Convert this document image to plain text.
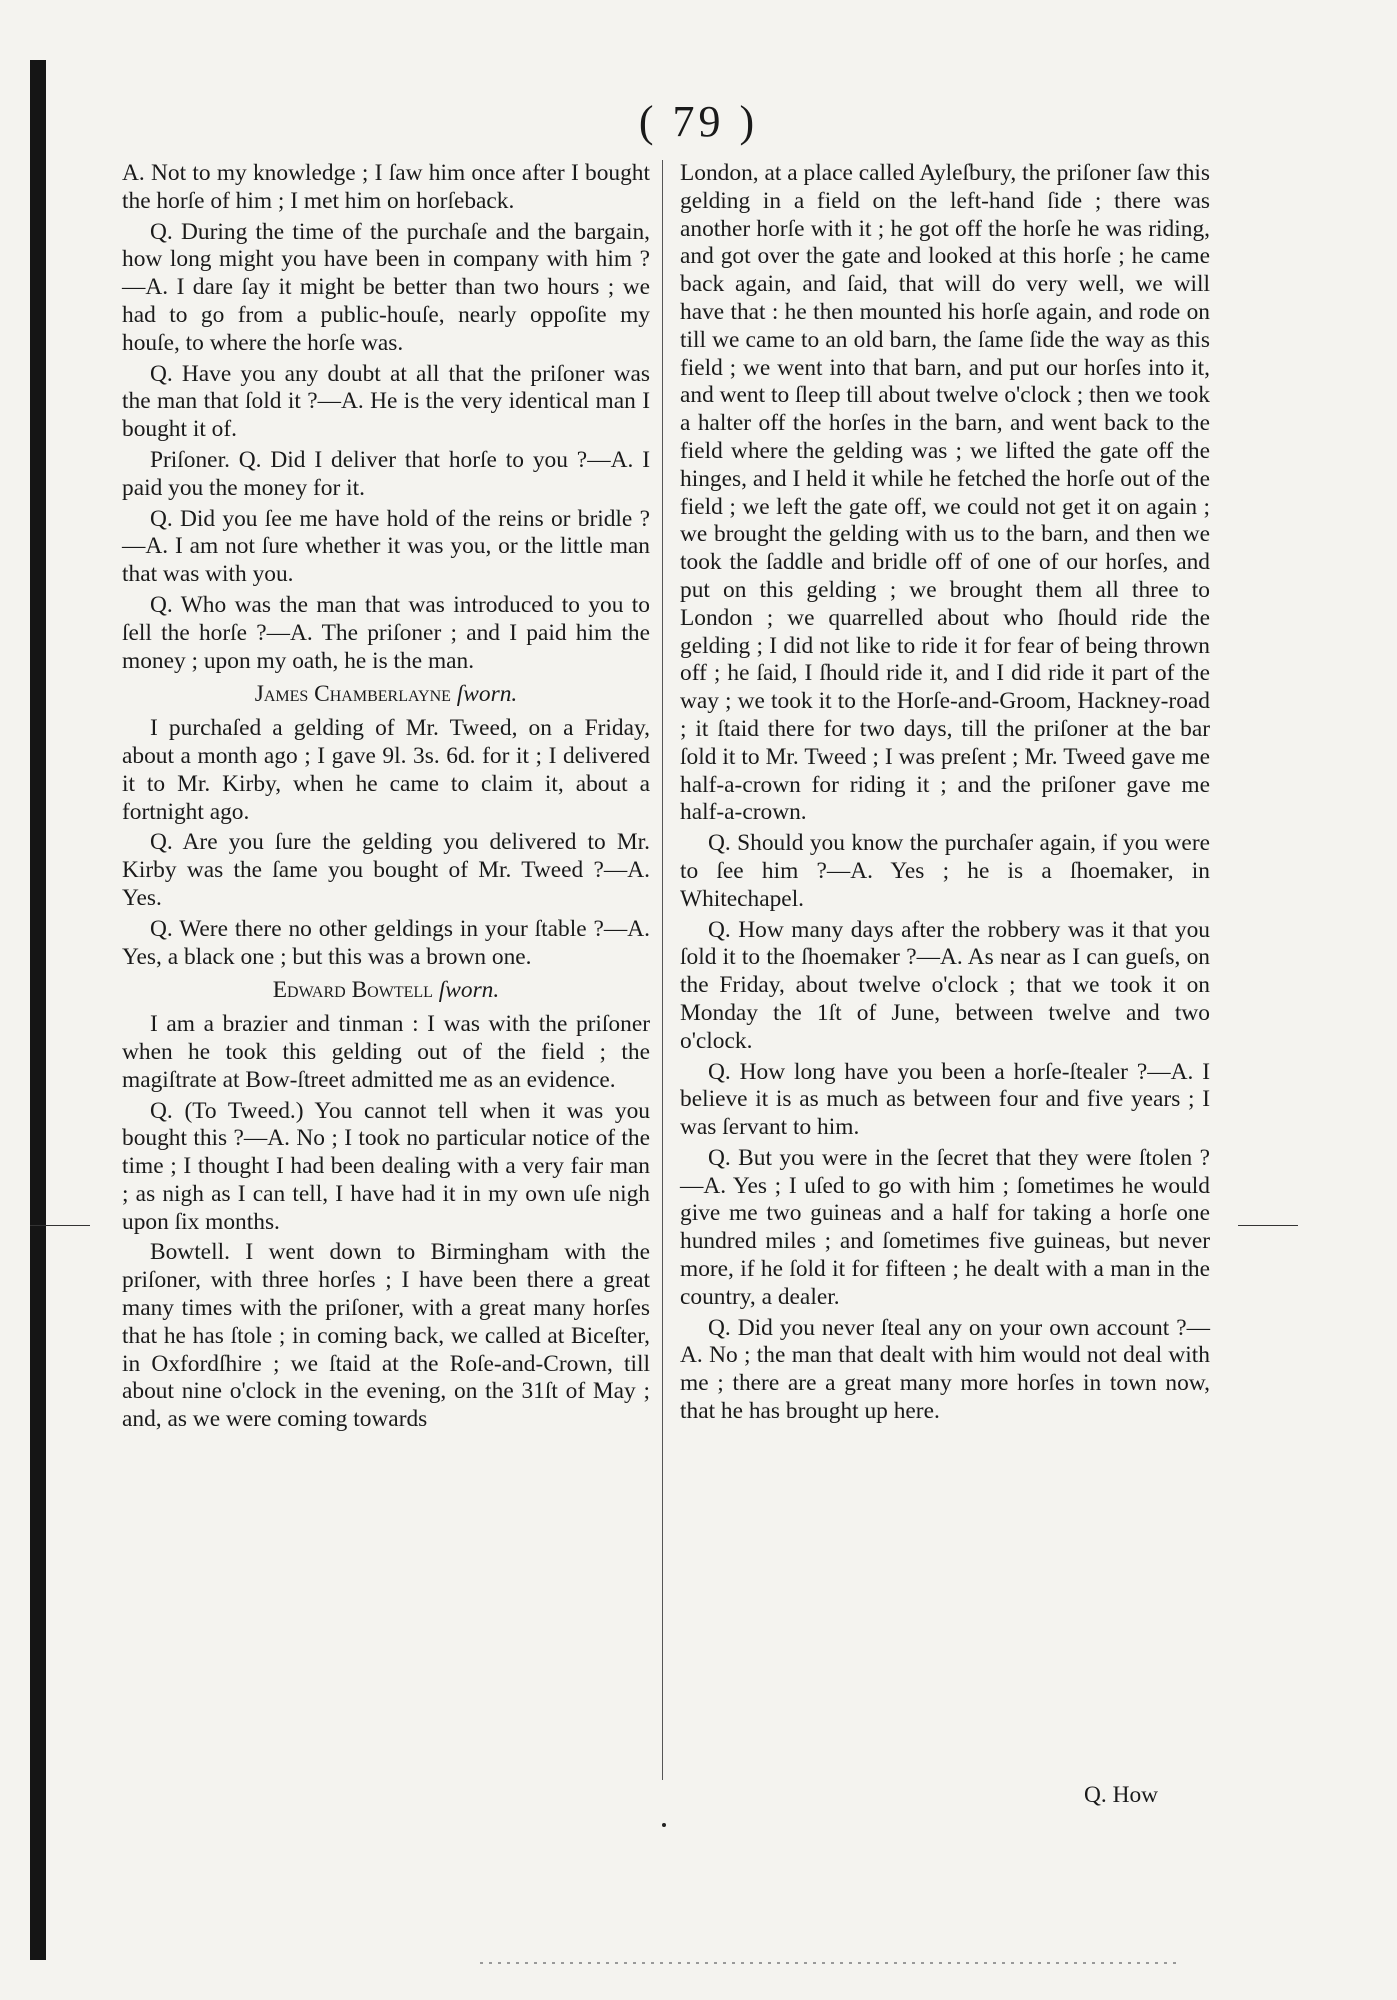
( 79 )

A. Not to my knowledge ; I ſaw him once after I bought the horſe of him ; I met him on horſeback.

Q. During the time of the purchaſe and the bargain, how long might you have been in company with him ?—A. I dare ſay it might be better than two hours ; we had to go from a public-houſe, nearly oppoſite my houſe, to where the horſe was.

Q. Have you any doubt at all that the priſoner was the man that ſold it ?—A. He is the very identical man I bought it of.

Priſoner. Q. Did I deliver that horſe to you ?—A. I paid you the money for it.

Q. Did you ſee me have hold of the reins or bridle ?—A. I am not ſure whether it was you, or the little man that was with you.

Q. Who was the man that was introduced to you to ſell the horſe ?—A. The priſoner ; and I paid him the money ; upon my oath, he is the man.

James Chamberlayne ſworn.

I purchaſed a gelding of Mr. Tweed, on a Friday, about a month ago ; I gave 9l. 3s. 6d. for it ; I delivered it to Mr. Kirby, when he came to claim it, about a fortnight ago.

Q. Are you ſure the gelding you delivered to Mr. Kirby was the ſame you bought of Mr. Tweed ?—A. Yes.

Q. Were there no other geldings in your ſtable ?—A. Yes, a black one ; but this was a brown one.

Edward Bowtell ſworn.

I am a brazier and tinman : I was with the priſoner when he took this gelding out of the field ; the magiſtrate at Bow-ſtreet admitted me as an evidence.

Q. (To Tweed.) You cannot tell when it was you bought this ?—A. No ; I took no particular notice of the time ; I thought I had been dealing with a very fair man ; as nigh as I can tell, I have had it in my own uſe nigh upon ſix months.

Bowtell. I went down to Birmingham with the priſoner, with three horſes ; I have been there a great many times with the priſoner, with a great many horſes that he has ſtole ; in coming back, we called at Biceſter, in Oxfordſhire ; we ſtaid at the Roſe-and-Crown, till about nine o'clock in the evening, on the 31ſt of May ; and, as we were coming towards

London, at a place called Ayleſbury, the priſoner ſaw this gelding in a field on the left-hand ſide ; there was another horſe with it ; he got off the horſe he was riding, and got over the gate and looked at this horſe ; he came back again, and ſaid, that will do very well, we will have that : he then mounted his horſe again, and rode on till we came to an old barn, the ſame ſide the way as this field ; we went into that barn, and put our horſes into it, and went to ſleep till about twelve o'clock ; then we took a halter off the horſes in the barn, and went back to the field where the gelding was ; we lifted the gate off the hinges, and I held it while he fetched the horſe out of the field ; we left the gate off, we could not get it on again ; we brought the gelding with us to the barn, and then we took the ſaddle and bridle off of one of our horſes, and put on this gelding ; we brought them all three to London ; we quarrelled about who ſhould ride the gelding ; I did not like to ride it for fear of being thrown off ; he ſaid, I ſhould ride it, and I did ride it part of the way ; we took it to the Horſe-and-Groom, Hackney-road ; it ſtaid there for two days, till the priſoner at the bar ſold it to Mr. Tweed ; I was preſent ; Mr. Tweed gave me half-a-crown for riding it ; and the priſoner gave me half-a-crown.

Q. Should you know the purchaſer again, if you were to ſee him ?—A. Yes ; he is a ſhoemaker, in Whitechapel.

Q. How many days after the robbery was it that you ſold it to the ſhoemaker ?—A. As near as I can gueſs, on the Friday, about twelve o'clock ; that we took it on Monday the 1ſt of June, between twelve and two o'clock.

Q. How long have you been a horſe-ſtealer ?—A. I believe it is as much as between four and five years ; I was ſervant to him.

Q. But you were in the ſecret that they were ſtolen ?—A. Yes ; I uſed to go with him ; ſometimes he would give me two guineas and a half for taking a horſe one hundred miles ; and ſometimes five guineas, but never more, if he ſold it for fifteen ; he dealt with a man in the country, a dealer.

Q. Did you never ſteal any on your own account ?—A. No ; the man that dealt with him would not deal with me ; there are a great many more horſes in town now, that he has brought up here.

Q. How
